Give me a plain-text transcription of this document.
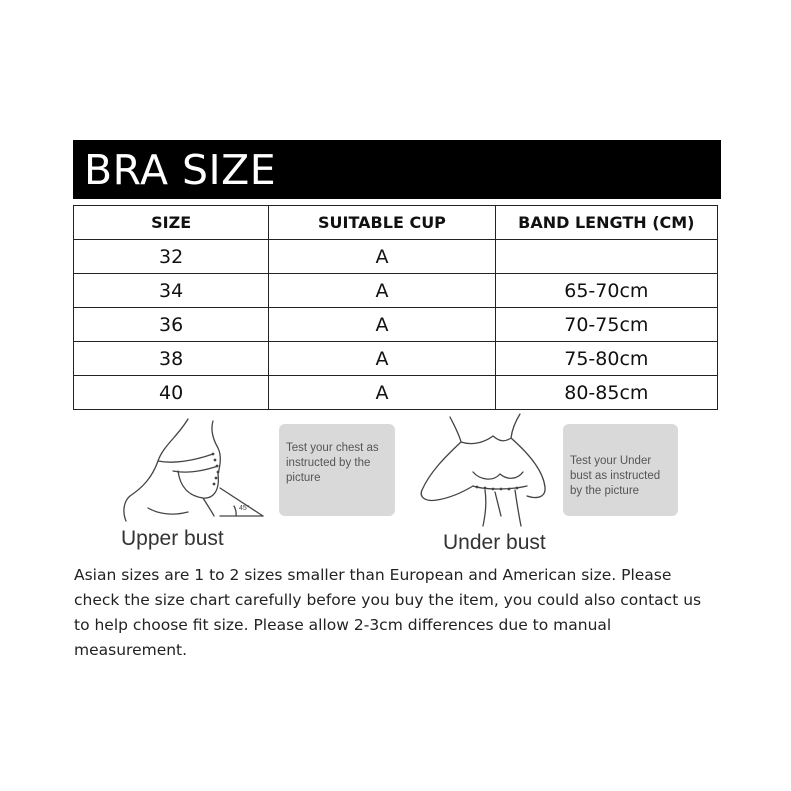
BRA SIZE
SIZE	SUITABLE CUP	BAND LENGTH (CM)
32	A	
34	A	65-70cm
36	A	70-75cm
38	A	75-80cm
40	A	80-85cm
45°
Upper bust
Test your chest as instructed by the picture
Under bust
Test your Under bust as instructed by the picture
Asian sizes are 1 to 2 sizes smaller than European and American size. Please check the size chart carefully before you buy the item, you could also contact us to help choose fit size. Please allow 2-3cm differences due to manual measurement.
